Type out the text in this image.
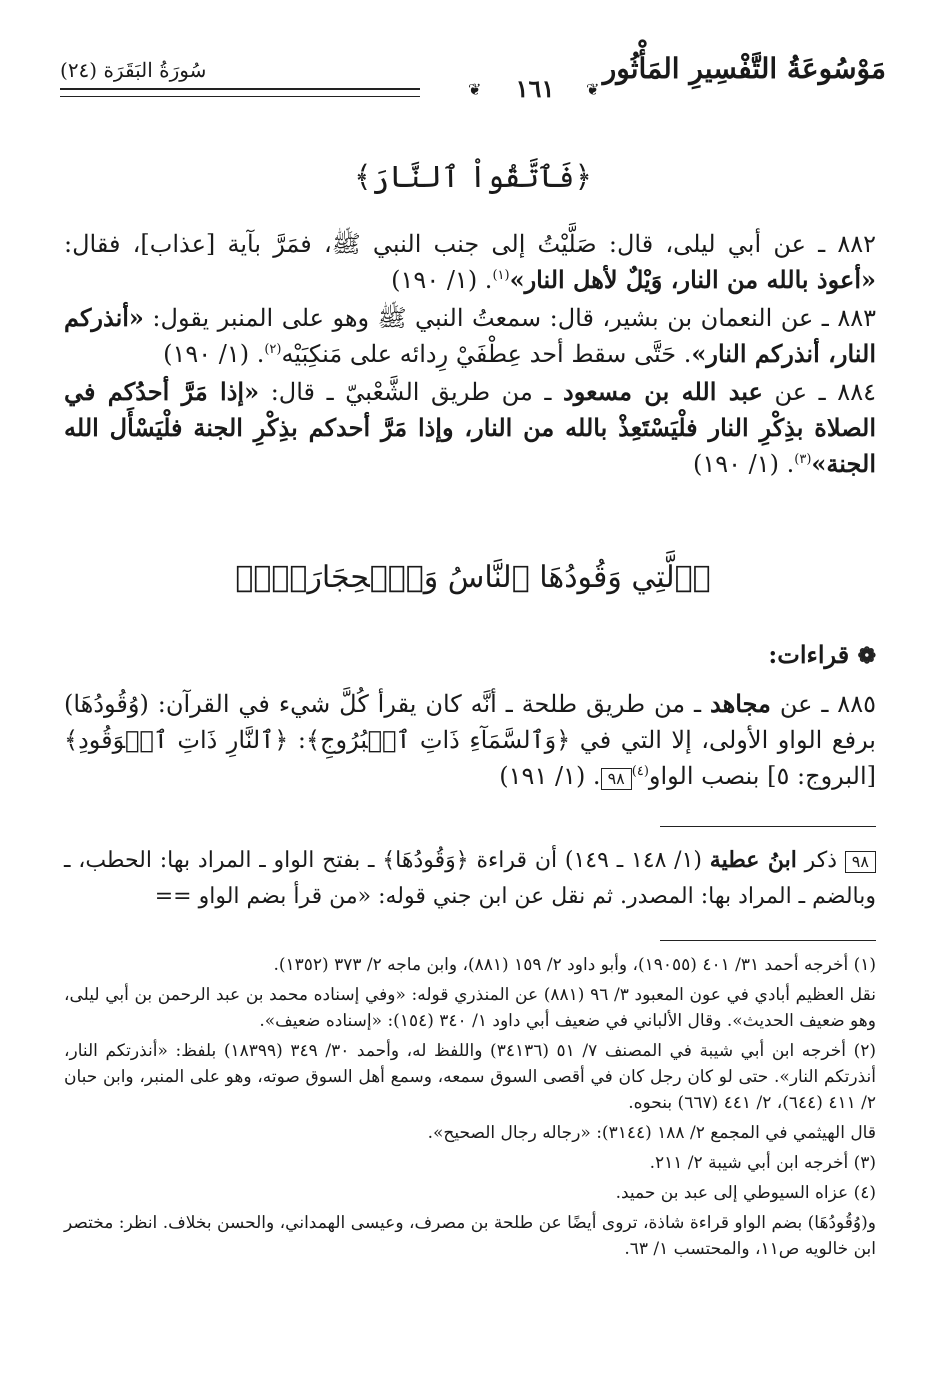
مَوْسُوعَةُ التَّفْسِيرِ المَأْثُور
سُورَةُ البَقَرَة (٢٤)
❦	١٦١	❦
﴿فَٱتَّقُواْ ٱلنَّارَ﴾

٨٨٢ ـ عن أبي ليلى، قال: صَلَّيْتُ إلى جنب النبي ﷺ، فمَرَّ بآية [عذاب]، فقال: «أعوذ بالله من النار، وَيْلٌ لأهل النار»$^{(١)}$. (١/ ١٩٠)

٨٨٣ ـ عن النعمان بن بشير، قال: سمعتُ النبي ﷺ وهو على المنبر يقول: «أنذركم النار، أنذركم النار». حَتَّى سقط أحد عِطْفَيْ رِدائه على مَنكِبَيْه$^{(٢)}$. (١/ ١٩٠)

٨٨٤ ـ عن عبد الله بن مسعود ـ من طريق الشَّعْبيّ ـ قال: «إذا مَرَّ أحدُكم في الصلاة بذِكْرِ النار فلْيَسْتَعِذْ بالله من النار، وإذا مَرَّ أحدكم بذِكْرِ الجنة فلْيَسْأَل الله الجنة»$^{(٣)}$. (١/ ١٩٠)

﴿ٱلَّتِي وَقُودُهَا ٱلنَّاسُ وَٱلۡحِجَارَةُۖ﴾
❁ قراءات:

٨٨٥ ـ عن مجاهد ـ من طريق طلحة ـ أنَّه كان يقرأ كُلَّ شيء في القرآن: (وُقُودُهَا) برفع الواو الأولى، إلا التي في ﴿وَٱلسَّمَآءِ ذَاتِ ٱلۡبُرُوجِ﴾: ﴿ٱلنَّارِ ذَاتِ ٱلۡوَقُودِ﴾ [البروج: ٥] بنصب الواو$^{(٤)}$٩٨. (١/ ١٩١)

٩٨ ذكر ابنُ عطية (١/ ١٤٨ ـ ١٤٩) أن قراءة ﴿وَقُودُهَا﴾ ـ بفتح الواو ـ المراد بها: الحطب، ـ وبالضم ـ المراد بها: المصدر. ثم نقل عن ابن جني قوله: «من قرأ بضم الواو ==

(١) أخرجه أحمد ٣١/ ٤٠١ (١٩٠٥٥)، وأبو داود ٢/ ١٥٩ (٨٨١)، وابن ماجه ٢/ ٣٧٣ (١٣٥٢).

نقل العظيم أبادي في عون المعبود ٣/ ٩٦ (٨٨١) عن المنذري قوله: «وفي إسناده محمد بن عبد الرحمن بن أبي ليلى، وهو ضعيف الحديث». وقال الألباني في ضعيف أبي داود ١/ ٣٤٠ (١٥٤): «إسناده ضعيف».

(٢) أخرجه ابن أبي شيبة في المصنف ٧/ ٥١ (٣٤١٣٦) واللفظ له، وأحمد ٣٠/ ٣٤٩ (١٨٣٩٩) بلفظ: «أنذرتكم النار، أنذرتكم النار». حتى لو كان رجل كان في أقصى السوق سمعه، وسمع أهل السوق صوته، وهو على المنبر، وابن حبان ٢/ ٤١١ (٦٤٤)، ٢/ ٤٤١ (٦٦٧) بنحوه.

قال الهيثمي في المجمع ٢/ ١٨٨ (٣١٤٤): «رجاله رجال الصحيح».

(٣) أخرجه ابن أبي شيبة ٢/ ٢١١.

(٤) عزاه السيوطي إلى عبد بن حميد.

و(وُقُودُهَا) بضم الواو قراءة شاذة، تروى أيضًا عن طلحة بن مصرف، وعيسى الهمداني، والحسن بخلاف. انظر: مختصر ابن خالويه ص١١، والمحتسب ١/ ٦٣.
